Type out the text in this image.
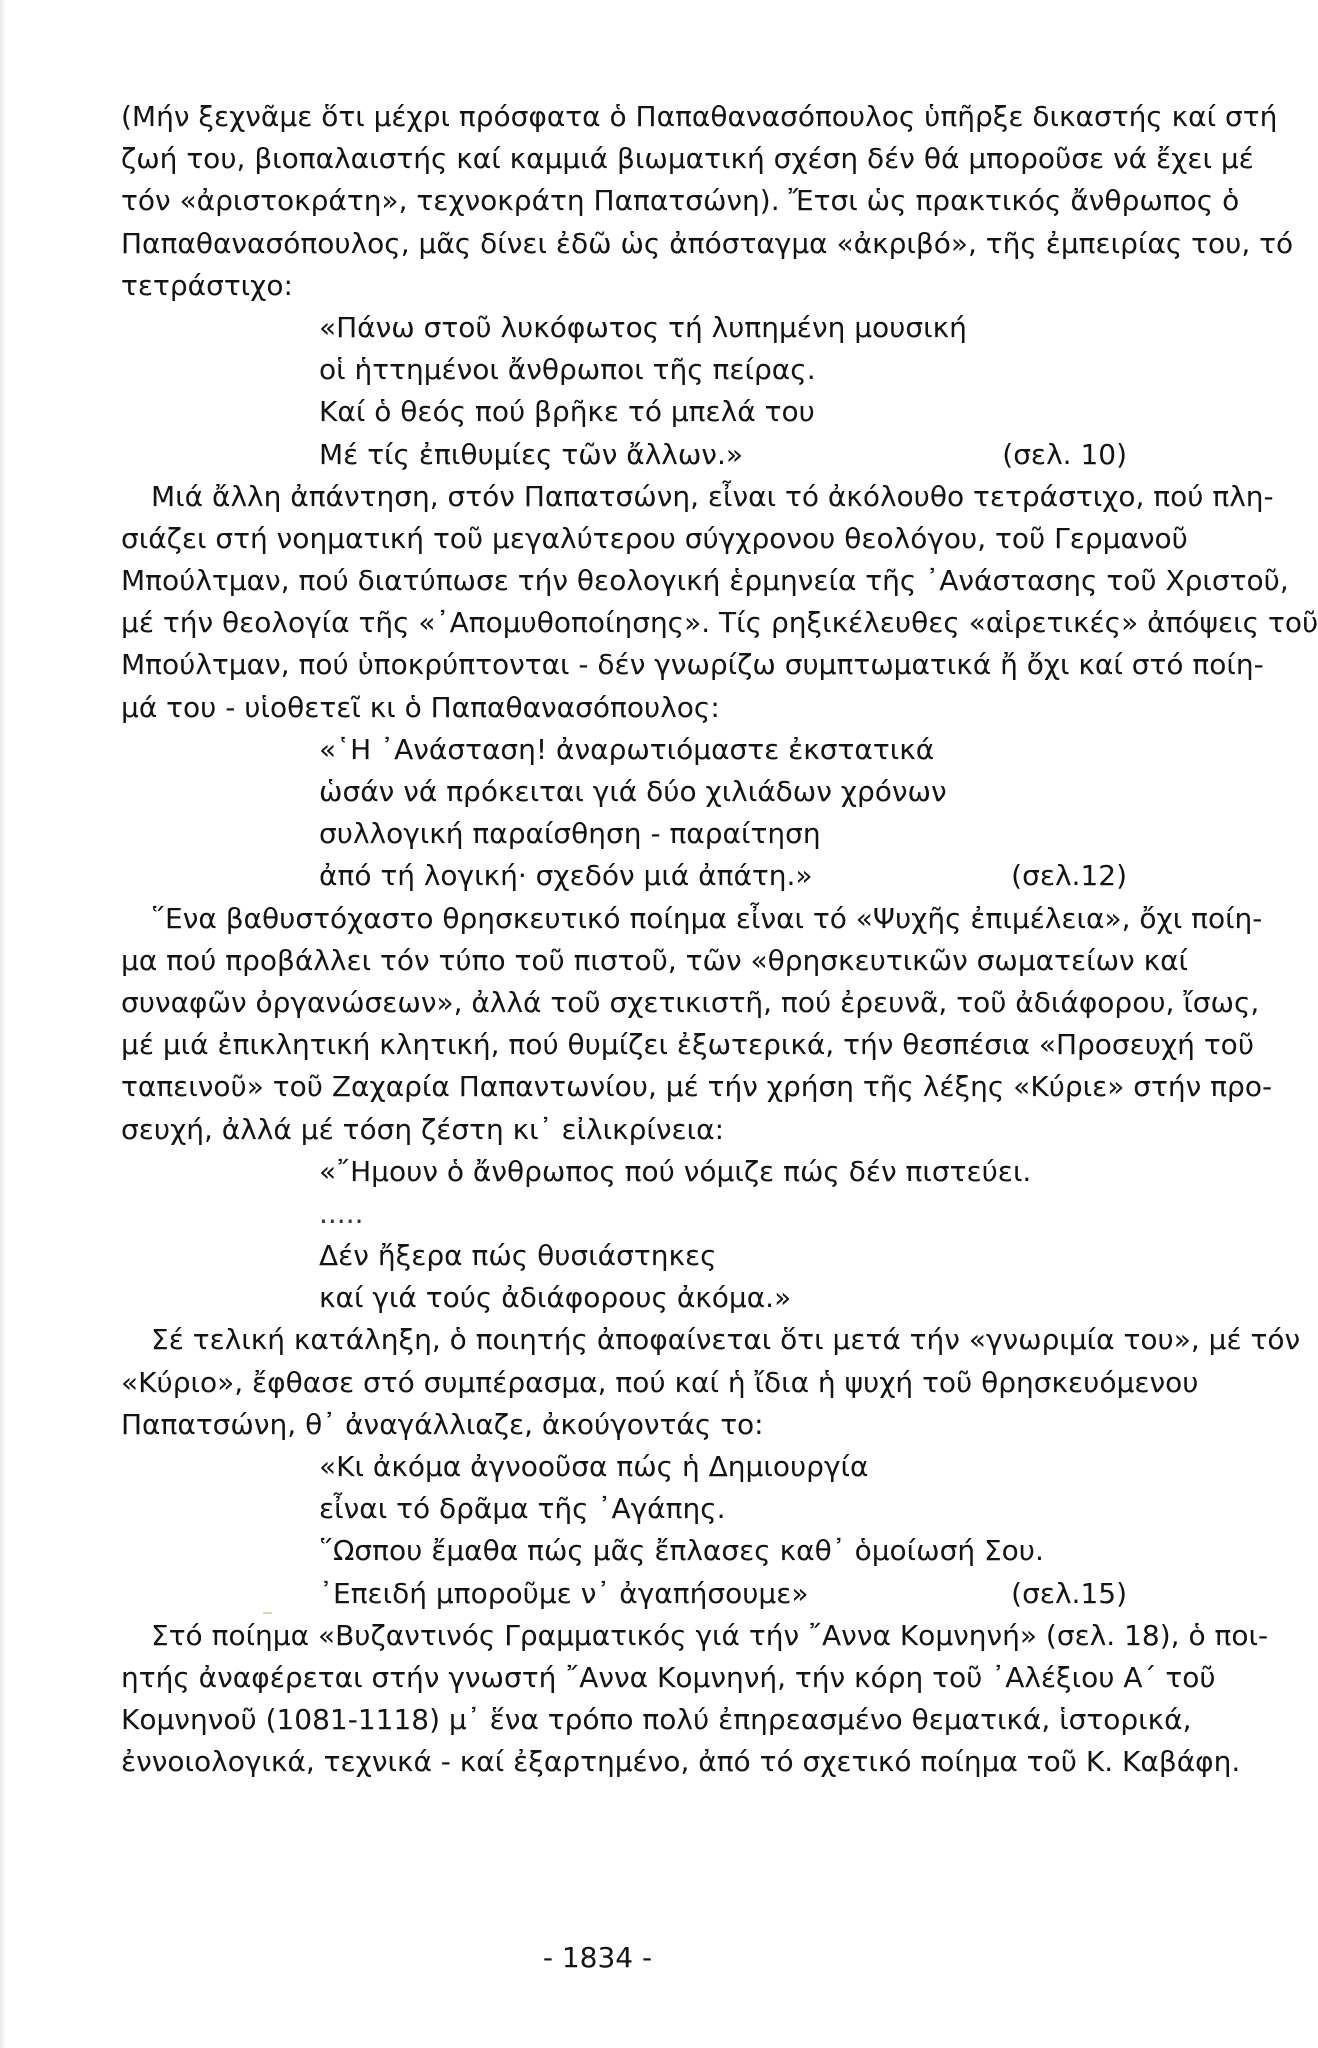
(Μήν ξεχνᾶμε ὅτι μέχρι πρόσφατα ὁ Παπαθανασόπουλος ὑπῆρξε δικαστής καί στή
ζωή του, βιοπαλαιστής καί καμμιά βιωματική σχέση δέν θά μποροῦσε νά ἔχει μέ
τόν «ἀριστοκράτη», τεχνοκράτη Παπατσώνη). Ἔτσι ὡς πρακτικός ἄνθρωπος ὁ
Παπαθανασόπουλος, μᾶς δίνει ἐδῶ ὡς ἀπόσταγμα «ἀκριβό», τῆς ἐμπειρίας του, τό
τετράστιχο:
«Πάνω στοῦ λυκόφωτος τή λυπημένη μουσική
οἱ ἡττημένοι ἄνθρωποι τῆς πείρας.
Καί ὁ θεός πού βρῆκε τό μπελά του
Μέ τίς ἐπιθυμίες τῶν ἄλλων.»	(σελ. 10)
Μιά ἄλλη ἀπάντηση, στόν Παπατσώνη, εἶναι τό ἀκόλουθο τετράστιχο, πού πλη-
σιάζει στή νοηματική τοῦ μεγαλύτερου σύγχρονου θεολόγου, τοῦ Γερμανοῦ
Μπούλτμαν, πού διατύπωσε τήν θεολογική ἑρμηνεία τῆς ᾿Ανάστασης τοῦ Χριστοῦ,
μέ τήν θεολογία τῆς «᾿Απομυθοποίησης». Τίς ρηξικέλευθες «αἱρετικές» ἀπόψεις τοῦ
Μπούλτμαν, πού ὑποκρύπτονται - δέν γνωρίζω συμπτωματικά ἤ ὄχι καί στό ποίη-
μά του - υἱοθετεῖ κι ὁ Παπαθανασόπουλος:
«῾Η ᾿Ανάσταση! ἀναρωτιόμαστε ἐκστατικά
ὡσάν νά πρόκειται γιά δύο χιλιάδων χρόνων
συλλογική παραίσθηση - παραίτηση
ἀπό τή λογική· σχεδόν μιά ἀπάτη.»	(σελ.12)
῞Ενα βαθυστόχαστο θρησκευτικό ποίημα εἶναι τό «Ψυχῆς ἐπιμέλεια», ὄχι ποίη-
μα πού προβάλλει τόν τύπο τοῦ πιστοῦ, τῶν «θρησκευτικῶν σωματείων καί
συναφῶν ὀργανώσεων», ἀλλά τοῦ σχετικιστῆ, πού ἐρευνᾶ, τοῦ ἀδιάφορου, ἴσως,
μέ μιά ἐπικλητική κλητική, πού θυμίζει ἐξωτερικά, τήν θεσπέσια «Προσευχή τοῦ
ταπεινοῦ» τοῦ Ζαχαρία Παπαντωνίου, μέ τήν χρήση τῆς λέξης «Κύριε» στήν προ-
σευχή, ἀλλά μέ τόση ζέστη κι᾿ εἰλικρίνεια:
«῎Ημουν ὁ ἄνθρωπος πού νόμιζε πώς δέν πιστεύει.
.....
Δέν ἤξερα πώς θυσιάστηκες
καί γιά τούς ἀδιάφορους ἀκόμα.»
Σέ τελική κατάληξη, ὁ ποιητής ἀποφαίνεται ὅτι μετά τήν «γνωριμία του», μέ τόν
«Κύριο», ἔφθασε στό συμπέρασμα, πού καί ἡ ἴδια ἡ ψυχή τοῦ θρησκευόμενου
Παπατσώνη, θ᾿ ἀναγάλλιαζε, ἀκούγοντάς το:
«Κι ἀκόμα ἀγνοοῦσα πώς ἡ Δημιουργία
εἶναι τό δρᾶμα τῆς ᾿Αγάπης.
῞Ωσπου ἔμαθα πώς μᾶς ἔπλασες καθ᾿ ὁμοίωσή Σου.
᾿Επειδή μποροῦμε ν᾿ ἀγαπήσουμε»	(σελ.15)
Στό ποίημα «Βυζαντινός Γραμματικός γιά τήν ῎Αννα Κομνηνή» (σελ. 18), ὁ ποι-
ητής ἀναφέρεται στήν γνωστή ῎Αννα Κομνηνή, τήν κόρη τοῦ ᾿Αλέξιου Α΄ τοῦ
Κομνηνοῦ (1081-1118) μ᾿ ἕνα τρόπο πολύ ἐπηρεασμένο θεματικά, ἱστορικά,
ἐννοιολογικά, τεχνικά - καί ἐξαρτημένο, ἀπό τό σχετικό ποίημα τοῦ Κ. Καβάφη.
- 1834 -
